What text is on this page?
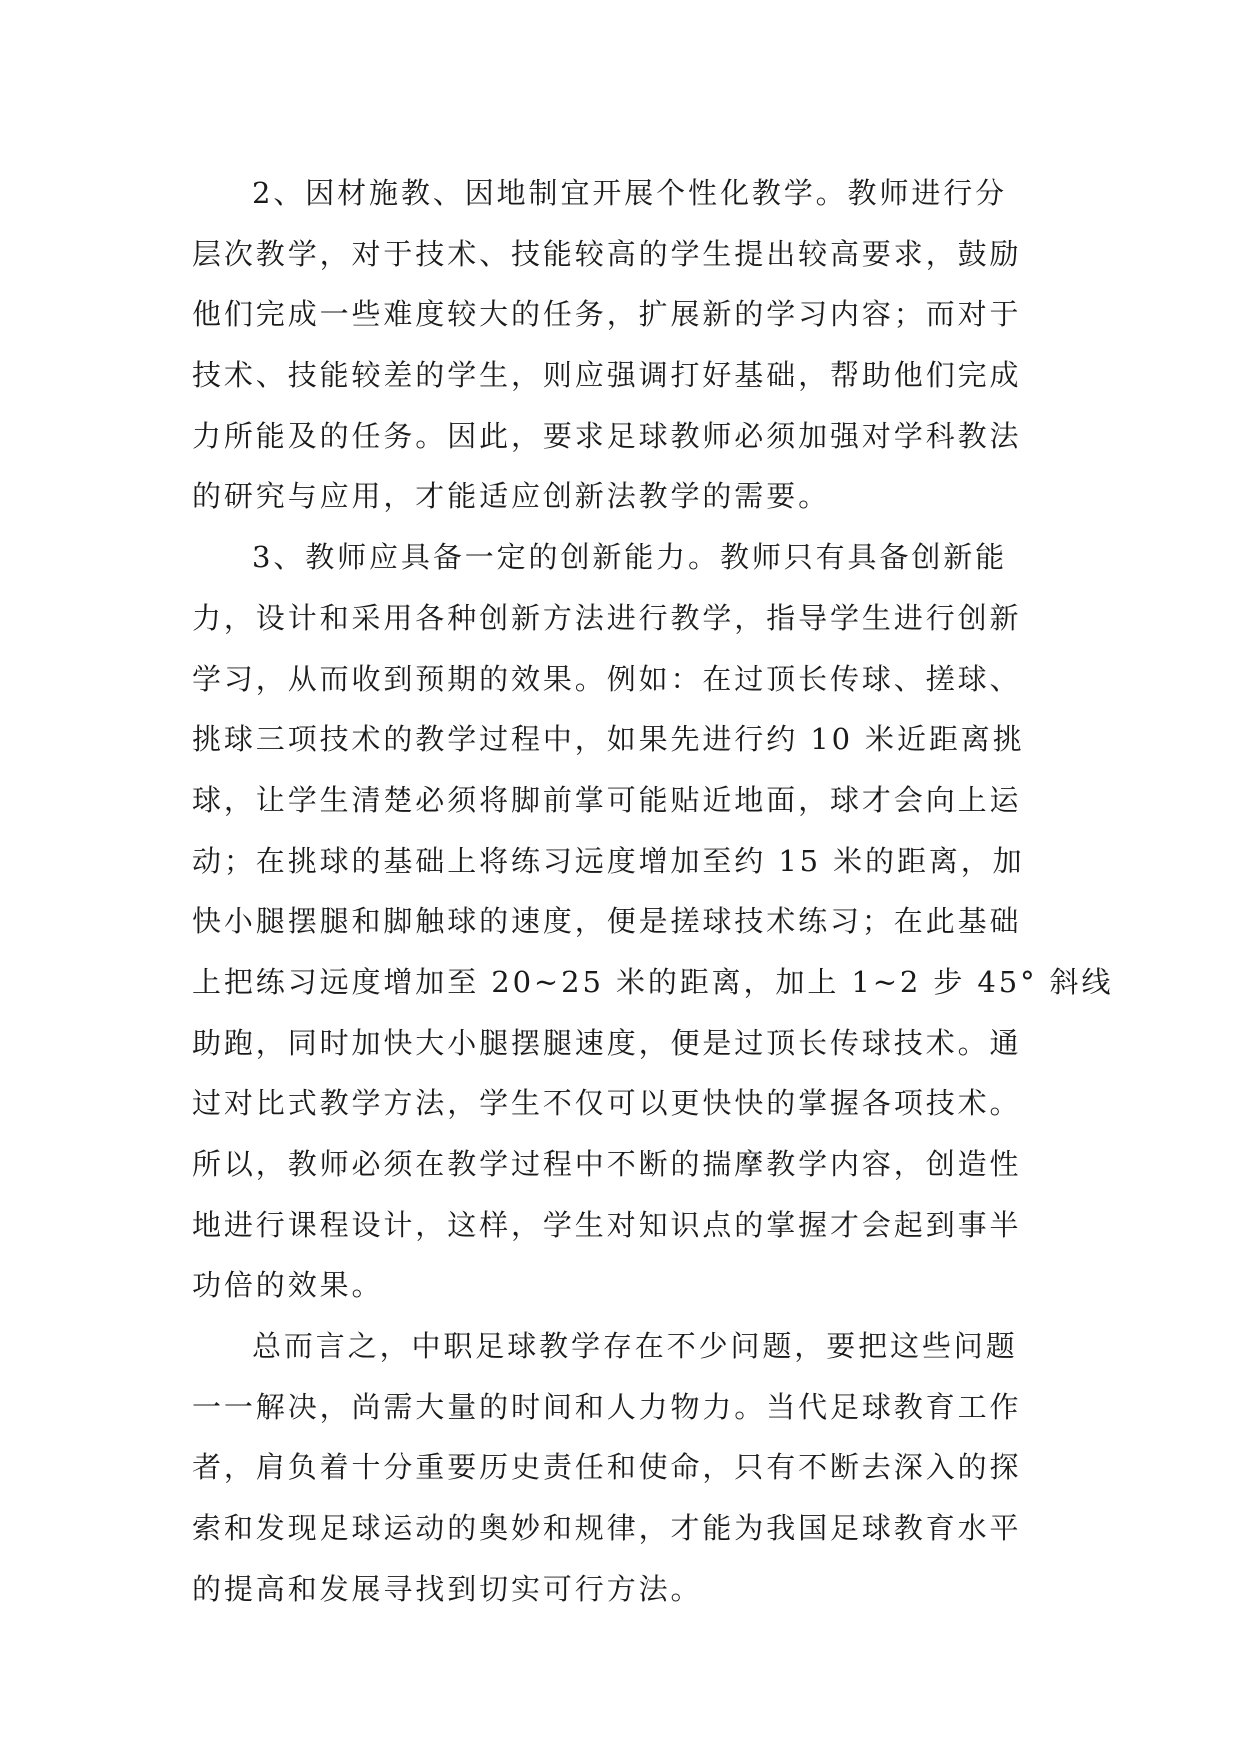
2、因材施教、因地制宜开展个性化教学。教师进行分
层次教学，对于技术、技能较高的学生提出较高要求，鼓励
他们完成一些难度较大的任务，扩展新的学习内容；而对于
技术、技能较差的学生，则应强调打好基础，帮助他们完成
力所能及的任务。因此，要求足球教师必须加强对学科教法
的研究与应用，才能适应创新法教学的需要。
3、教师应具备一定的创新能力。教师只有具备创新能
力，设计和采用各种创新方法进行教学，指导学生进行创新
学习，从而收到预期的效果。例如：在过顶长传球、搓球、
挑球三项技术的教学过程中，如果先进行约 10 米近距离挑
球，让学生清楚必须将脚前掌可能贴近地面，球才会向上运
动；在挑球的基础上将练习远度增加至约 15 米的距离，加
快小腿摆腿和脚触球的速度，便是搓球技术练习；在此基础
上把练习远度增加至 20~25 米的距离，加上 1~2 步 45° 斜线
助跑，同时加快大小腿摆腿速度，便是过顶长传球技术。通
过对比式教学方法，学生不仅可以更快快的掌握各项技术。
所以，教师必须在教学过程中不断的揣摩教学内容，创造性
地进行课程设计，这样，学生对知识点的掌握才会起到事半
功倍的效果。
总而言之，中职足球教学存在不少问题，要把这些问题
一一解决，尚需大量的时间和人力物力。当代足球教育工作
者，肩负着十分重要历史责任和使命，只有不断去深入的探
索和发现足球运动的奥妙和规律，才能为我国足球教育水平
的提高和发展寻找到切实可行方法。
